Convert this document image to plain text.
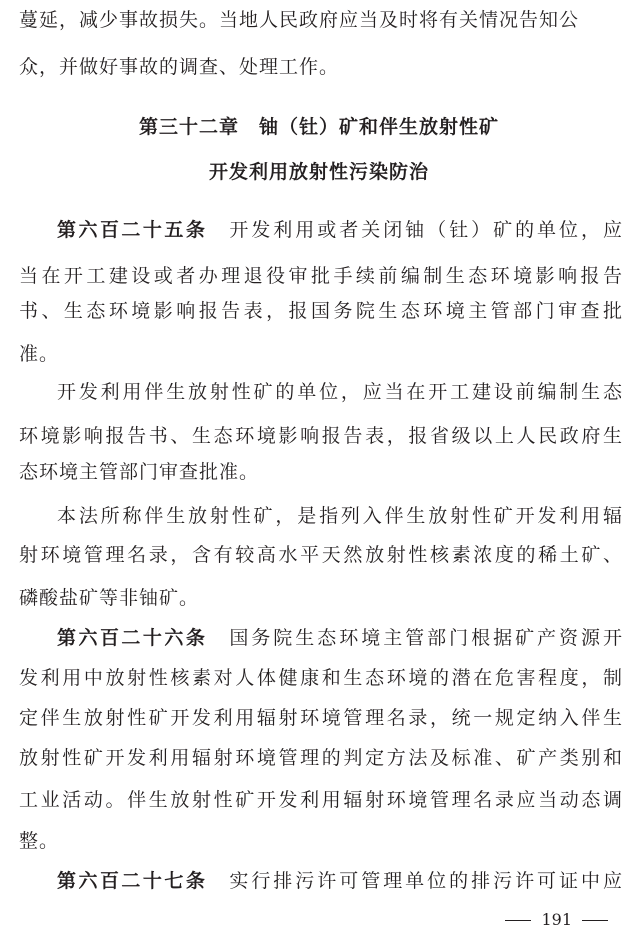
蔓延，减少事故损失。当地人民政府应当及时将有关情况告知公
众，并做好事故的调查、处理工作。
第三十二章　铀（钍）矿和伴生放射性矿
开发利用放射性污染防治
第六百二十五条 开发利用或者关闭铀（钍）矿的单位，应
当在开工建设或者办理退役审批手续前编制生态环境影响报告
书、生态环境影响报告表，报国务院生态环境主管部门审查批
准。
开发利用伴生放射性矿的单位，应当在开工建设前编制生态
环境影响报告书、生态环境影响报告表，报省级以上人民政府生
态环境主管部门审查批准。
本法所称伴生放射性矿，是指列入伴生放射性矿开发利用辐
射环境管理名录，含有较高水平天然放射性核素浓度的稀土矿、
磷酸盐矿等非铀矿。
第六百二十六条 国务院生态环境主管部门根据矿产资源开
发利用中放射性核素对人体健康和生态环境的潜在危害程度，制
定伴生放射性矿开发利用辐射环境管理名录，统一规定纳入伴生
放射性矿开发利用辐射环境管理的判定方法及标准、矿产类别和
工业活动。伴生放射性矿开发利用辐射环境管理名录应当动态调
整。
第六百二十七条 实行排污许可管理单位的排污许可证中应
191
